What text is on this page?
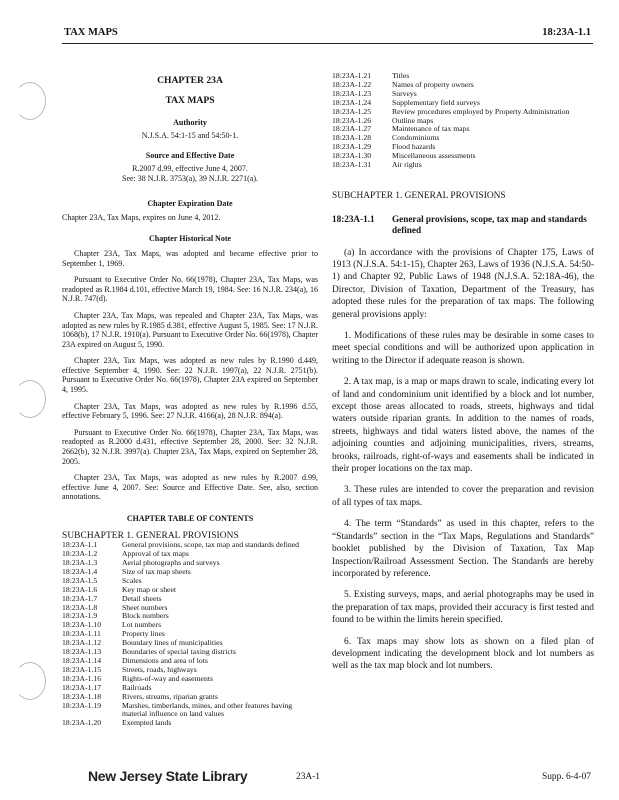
TAX MAPS	18:23A-1.1
CHAPTER 23A
TAX MAPS
Authority
N.J.S.A. 54:1-15 and 54:50-1.
Source and Effective Date
R.2007 d.99, effective June 4, 2007.
See: 38 N.J.R. 3753(a), 39 N.J.R. 2271(a).
Chapter Expiration Date
Chapter 23A, Tax Maps, expires on June 4, 2012.
Chapter Historical Note

Chapter 23A, Tax Maps, was adopted and became effective prior to September 1, 1969.

Pursuant to Executive Order No. 66(1978), Chapter 23A, Tax Maps, was readopted as R.1984 d.101, effective March 19, 1984. See: 16 N.J.R. 234(a), 16 N.J.R. 747(d).

Chapter 23A, Tax Maps, was repealed and Chapter 23A, Tax Maps, was adopted as new rules by R.1985 d.381, effective August 5, 1985. See: 17 N.J.R. 1068(b), 17 N.J.R. 1910(a). Pursuant to Executive Order No. 66(1978), Chapter 23A expired on August 5, 1990.

Chapter 23A, Tax Maps, was adopted as new rules by R.1990 d.449, effective September 4, 1990. See: 22 N.J.R. 1997(a), 22 N.J.R. 2751(b). Pursuant to Executive Order No. 66(1978), Chapter 23A expired on September 4, 1995.

Chapter 23A, Tax Maps, was adopted as new rules by R.1996 d.55, effective February 5, 1996. See: 27 N.J.R. 4166(a), 28 N.J.R. 894(a).

Pursuant to Executive Order No. 66(1978), Chapter 23A, Tax Maps, was readopted as R.2000 d.431, effective September 28, 2000. See: 32 N.J.R. 2662(b), 32 N.J.R. 3997(a). Chapter 23A, Tax Maps, expired on September 28, 2005.

Chapter 23A, Tax Maps, was adopted as new rules by R.2007 d.99, effective June 4, 2007. See: Source and Effective Date. See, also, section annotations.

CHAPTER TABLE OF CONTENTS
SUBCHAPTER 1. GENERAL PROVISIONS
18:23A-1.1	General provisions, scope, tax map and standards defined
18:23A-1.2	Approval of tax maps
18:23A-1.3	Aerial photographs and surveys
18:23A-1.4	Size of tax map sheets
18:23A-1.5	Scales
18:23A-1.6	Key map or sheet
18:23A-1.7	Detail sheets
18:23A-1.8	Sheet numbers
18:23A-1.9	Block numbers
18:23A-1.10	Lot numbers
18:23A-1.11	Property lines
18:23A-1.12	Boundary lines of municipalities
18:23A-1.13	Boundaries of special taxing districts
18:23A-1.14	Dimensions and area of lots
18:23A-1.15	Streets, roads, highways
18:23A-1.16	Rights-of-way and easements
18:23A-1.17	Railroads
18:23A-1.18	Rivers, streams, riparian grants
18:23A-1.19	Marshes, timberlands, mines, and other features having material influence on land values
18:23A-1.20	Exempted lands
18:23A-1.21	Titles
18:23A-1.22	Names of property owners
18:23A-1.23	Surveys
18:23A-1.24	Supplementary field surveys
18:23A-1.25	Review procedures employed by Property Administration
18:23A-1.26	Outline maps
18:23A-1.27	Maintenance of tax maps
18:23A-1.28	Condominiums
18:23A-1.29	Flood hazards
18:23A-1.30	Miscellaneous assessments
18:23A-1.31	Air rights
SUBCHAPTER 1. GENERAL PROVISIONS
18:23A-1.1	General provisions, scope, tax map and standards defined

(a) In accordance with the provisions of Chapter 175, Laws of 1913 (N.J.S.A. 54:1-15), Chapter 263, Laws of 1936 (N.J.S.A. 54:50-1) and Chapter 92, Public Laws of 1948 (N.J.S.A. 52:18A-46), the Director, Division of Taxation, Department of the Treasury, has adopted these rules for the preparation of tax maps. The following general provisions apply:

1. Modifications of these rules may be desirable in some cases to meet special conditions and will be authorized upon application in writing to the Director if adequate reason is shown.

2. A tax map, is a map or maps drawn to scale, indicating every lot of land and condominium unit identified by a block and lot number, except those areas allocated to roads, streets, highways and tidal waters outside riparian grants. In addition to the names of roads, streets, highways and tidal waters listed above, the names of the adjoining counties and adjoining municipalities, rivers, streams, brooks, railroads, right-of-ways and easements shall be indicated in their proper locations on the tax map.

3. These rules are intended to cover the preparation and revision of all types of tax maps.

4. The term “Standards” as used in this chapter, refers to the “Standards” section in the “Tax Maps, Regulations and Standards” booklet published by the Division of Taxation, Tax Map Inspection/Railroad Assessment Section. The Standards are hereby incorporated by reference.

5. Existing surveys, maps, and aerial photographs may be used in the preparation of tax maps, provided their accuracy is first tested and found to be within the limits herein specified.

6. Tax maps may show lots as shown on a filed plan of development indicating the development block and lot numbers as well as the tax map block and lot numbers.

New Jersey State Library	23A-1	Supp. 6-4-07
